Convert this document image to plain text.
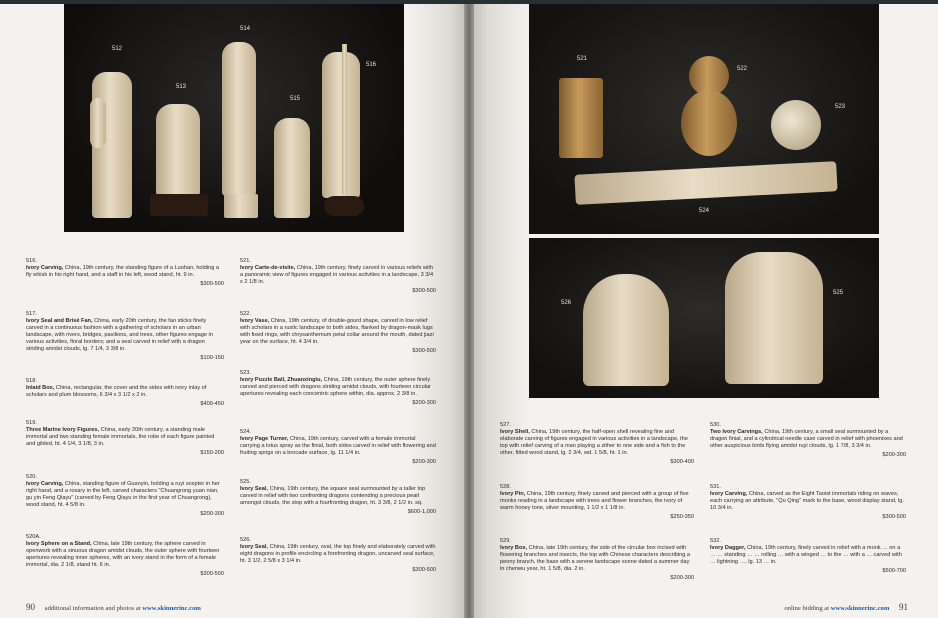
512
513
514
515
516
516.
Ivory Carving, China, 19th century, the standing figure of a Luohan, holding a fly whisk in his right hand, and a staff in his left, wood stand, ht. 9 in.
$300-500
517.
Ivory Seal and Brisé Fan, China, early 20th century, the fan sticks finely carved in a continuous fashion with a gathering of scholars in an urban landscape, with rivers, bridges, pavilions, and trees, other figures engage in various activities, floral borders; and a seal carved in relief with a dragon striding amidst clouds, lg. 7 1/4, 3 3/8 in.
$100-150
518.
Inlaid Box, China, rectangular, the cover and the sides with ivory inlay of scholars and plum blossoms, 6 3/4 x 3 1/2 x 2 in.
$400-450
519.
Three Marine Ivory Figures, China, early 20th century, a standing male immortal and two standing female immortals, the robe of each figure painted and gilded, ht. 4 1/4, 3 1/8, 3 in.
$150-200
520.
Ivory Carving, China, standing figure of Guanyin, holding a ruyi scepter in her right hand, and a rosary in the left, carved characters "Chuangrong yuan nian, gu yin Feng Qiayu" (carved by Feng Qiayu in the first year of Chuangrong), wood stand, ht. 4 5/8 in.
$200-300
520A.
Ivory Sphere on a Stand, China, late 19th century, the sphere carved in openwork with a sinuous dragon amidst clouds, the outer sphere with fourteen apertures revealing inner spheres, with an ivory stand in the form of a female immortal, dia. 2 1/8, stand ht. 6 in.
$300-500
521.
Ivory Carte-de-visite, China, 19th century, finely carved in various reliefs with a panoramic view of figures engaged in various activities in a landscape, 3 3/4 x 2 1/8 in.
$300-500
522.
Ivory Vase, China, 19th century, of double-gourd shape, carved in low relief with scholars in a rustic landscape to both sides, flanked by dragon-mask lugs with fixed rings, with chrysanthemum petal collar around the mouth, dated jiazi year on the surface, ht. 4 3/4 in.
$300-500
523.
Ivory Puzzle Ball, Zhuanxingiu, China, 19th century, the outer sphere finely carved and pierced with dragons striding amidst clouds, with fourteen circular apertures revealing each concentric sphere within, dia. approx. 2 3/8 in.
$200-300
524.
Ivory Page Turner, China, 19th century, carved with a female immortal carrying a lotus spray as the finial, both sides carved in relief with flowering and fruiting sprigs on a brocade surface, lg. 11 1/4 in.
$200-300
525.
Ivory Seal, China, 19th century, the square seal surmounted by a taller top carved in relief with two confronting dragons contending a precious pearl amongst clouds, the stop with a fourfronting dragon, ht. 3 3/8, 2 1/2 in. sq.
$600-1,000
526.
Ivory Seal, China, 19th century, oval, the top finely and elaborately carved with eight dragons in profile encircling a forefronting dragon, uncarved seal surface, ht. 3 1/2, 2 5/8 x 3 1/4 in.
$300-500
90 additional information and photos at www.skinnerinc.com
521
522
523
524
526
525
527.
Ivory Shell, China, 19th century, the half-open shell revealing fine and elaborate carving of figures engaged in various activities in a landscape, the top with relief carving of a man playing a zither to one side and a fish to the other, fitted wood stand, lg. 2 3/4, wd. 1 5/8, ht. 1 in.
$300-400
528.
Ivory Pin, China, 19th century, finely carved and pierced with a group of five monks reading in a landscape with trees and flower branches, the ivory of warm honey tone, silver mounting, 1 1/2 x 1 1/8 in.
$250-350
529.
Ivory Box, China, late 19th century, the side of the circular box incised with flowering branches and insects, the top with Chinese characters describing a peony branch, the base with a serene landscape scene dated a summer day in chenwu year, ht. 1 5/8, dia. 2 in.
$200-300
530.
Two Ivory Carvings, China, 19th century, a small seal surmounted by a dragon finial, and a cylindrical needle case carved in relief with phoenixes and other auspicious birds flying amidst ruyi clouds, lg. 1 7/8, 3 3/4 in.
$200-300
531.
Ivory Carving, China, carved as the Eight Taoist immortals riding on waves, each carrying an attribute, "Qu Qing" mark to the base, wood display stand, lg. 10 3/4 in.
$300-500
532.
Ivory Dagger, China, 19th century, finely carved in relief with a monk … on a … … standing … … rolling … with a winged … to the … with a … carved with … lightning …, lg. 13 … in.
$500-700
online bidding at www.skinnerinc.com 91
